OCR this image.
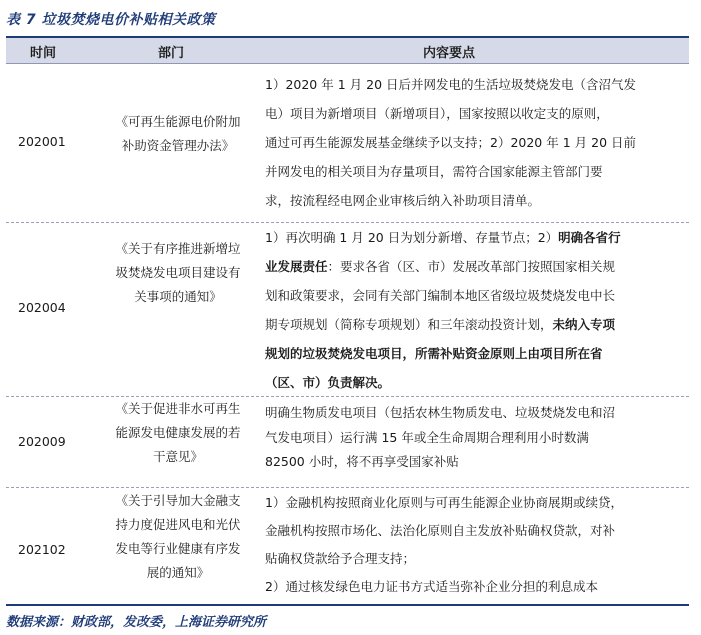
表 7 垃圾焚烧电价补贴相关政策
时间	部门	内容要点
202001
《可再生能源电价附加
补助资金管理办法》
1）2020 年 1 月 20 日后并网发电的生活垃圾焚烧发电（含沼气发
电）项目为新增项目（新增项目），国家按照以收定支的原则，
通过可再生能源发展基金继续予以支持；2）2020 年 1 月 20 日前
并网发电的相关项目为存量项目，需符合国家能源主管部门要
求，按流程经电网企业审核后纳入补助项目清单。
202004
《关于有序推进新增垃
圾焚烧发电项目建设有
关事项的通知》
1）再次明确 1 月 20 日为划分新增、存量节点；2）明确各省行
业发展责任：要求各省（区、市）发展改革部门按照国家相关规
划和政策要求，会同有关部门编制本地区省级垃圾焚烧发电中长
期专项规划（简称专项规划）和三年滚动投资计划，未纳入专项
规划的垃圾焚烧发电项目，所需补贴资金原则上由项目所在省
（区、市）负责解决。
202009
《关于促进非水可再生
能源发电健康发展的若
干意见》
明确生物质发电项目（包括农林生物质发电、垃圾焚烧发电和沼
气发电项目）运行满 15 年或全生命周期合理利用小时数满
82500 小时，将不再享受国家补贴
202102
《关于引导加大金融支
持力度促进风电和光伏
发电等行业健康有序发
展的通知》
1）金融机构按照商业化原则与可再生能源企业协商展期或续贷，
金融机构按照市场化、法治化原则自主发放补贴确权贷款，对补
贴确权贷款给予合理支持；
2）通过核发绿色电力证书方式适当弥补企业分担的利息成本
数据来源：财政部，发改委，上海证券研究所
